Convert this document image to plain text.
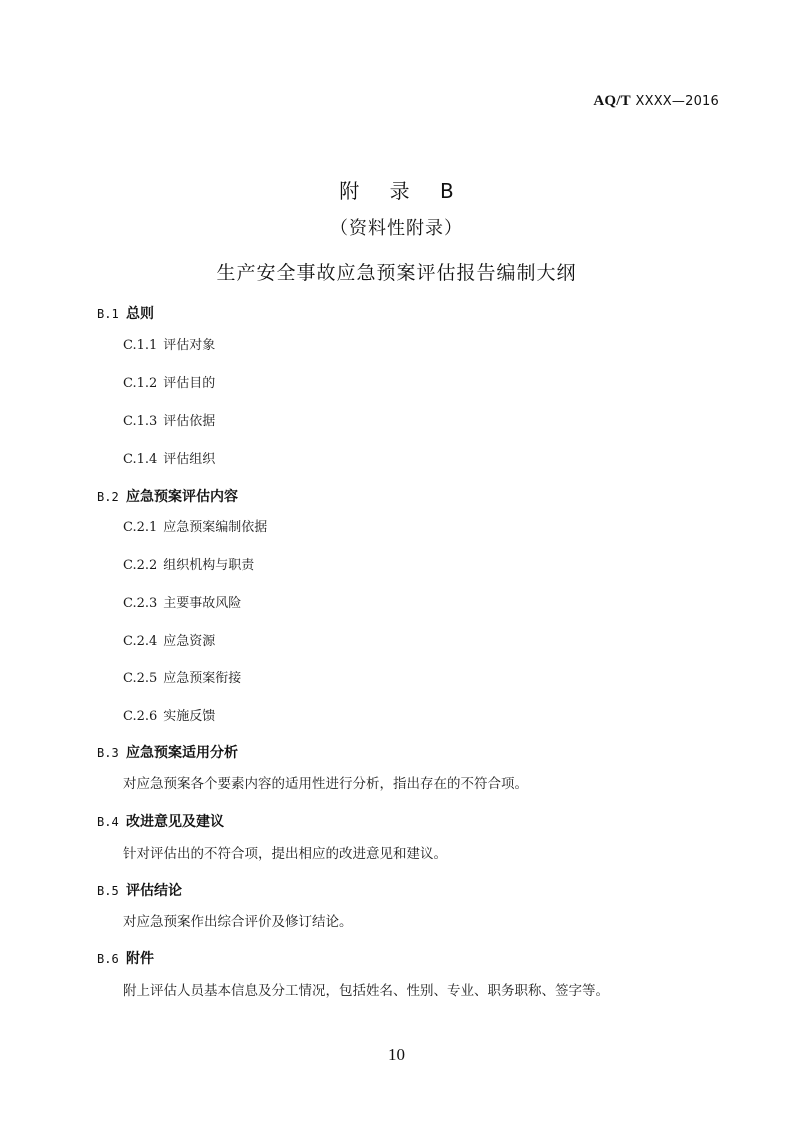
AQ/T XXXX—2016
附 录 B
（资料性附录）
生产安全事故应急预案评估报告编制大纲
B.1 总则
C.1.1 评估对象
C.1.2 评估目的
C.1.3 评估依据
C.1.4 评估组织
B.2 应急预案评估内容
C.2.1 应急预案编制依据
C.2.2 组织机构与职责
C.2.3 主要事故风险
C.2.4 应急资源
C.2.5 应急预案衔接
C.2.6 实施反馈
B.3 应急预案适用分析
对应急预案各个要素内容的适用性进行分析，指出存在的不符合项。
B.4 改进意见及建议
针对评估出的不符合项，提出相应的改进意见和建议。
B.5 评估结论
对应急预案作出综合评价及修订结论。
B.6 附件
附上评估人员基本信息及分工情况，包括姓名、性别、专业、职务职称、签字等。
10
